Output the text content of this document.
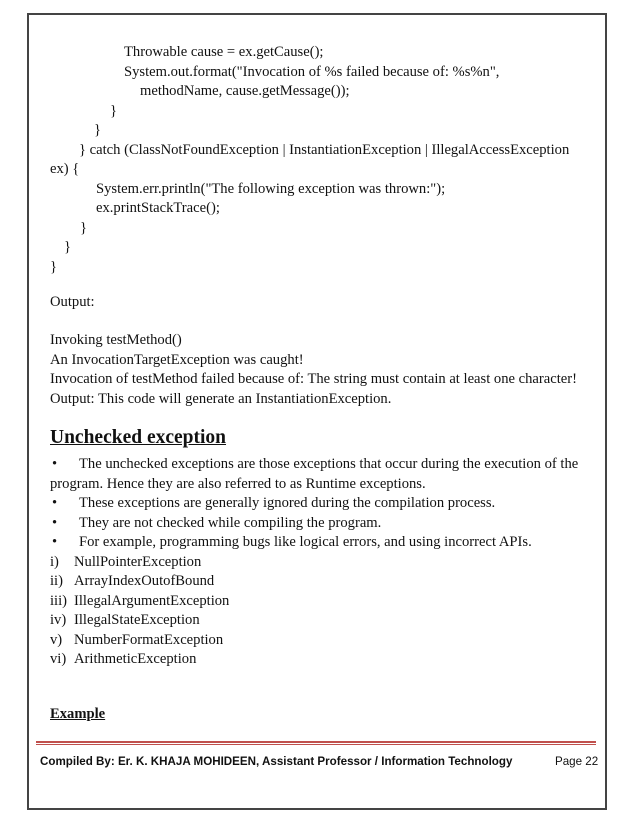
Throwable cause = ex.getCause();
System.out.format("Invocation of %s failed because of: %s%n",
methodName, cause.getMessage());
}
}
} catch (ClassNotFoundException | InstantiationException | IllegalAccessException
ex) {
System.err.println("The following exception was thrown:");
ex.printStackTrace();
}
}
}
Output:
Invoking testMethod()
An InvocationTargetException was caught!
Invocation of testMethod failed because of: The string must contain at least one character!
Output: This code will generate an InstantiationException.
Unchecked exception
• The unchecked exceptions are those exceptions that occur during the execution of the
program. Hence they are also referred to as Runtime exceptions.
• These exceptions are generally ignored during the compilation process.
• They are not checked while compiling the program.
• For example, programming bugs like logical errors, and using incorrect APIs.
i) NullPointerException
ii) ArrayIndexOutofBound
iii) IllegalArgumentException
iv) IllegalStateException
v) NumberFormatException
vi) ArithmeticException
Example
Compiled By: Er. K. KHAJA MOHIDEEN, Assistant Professor / Information Technology	Page 22
